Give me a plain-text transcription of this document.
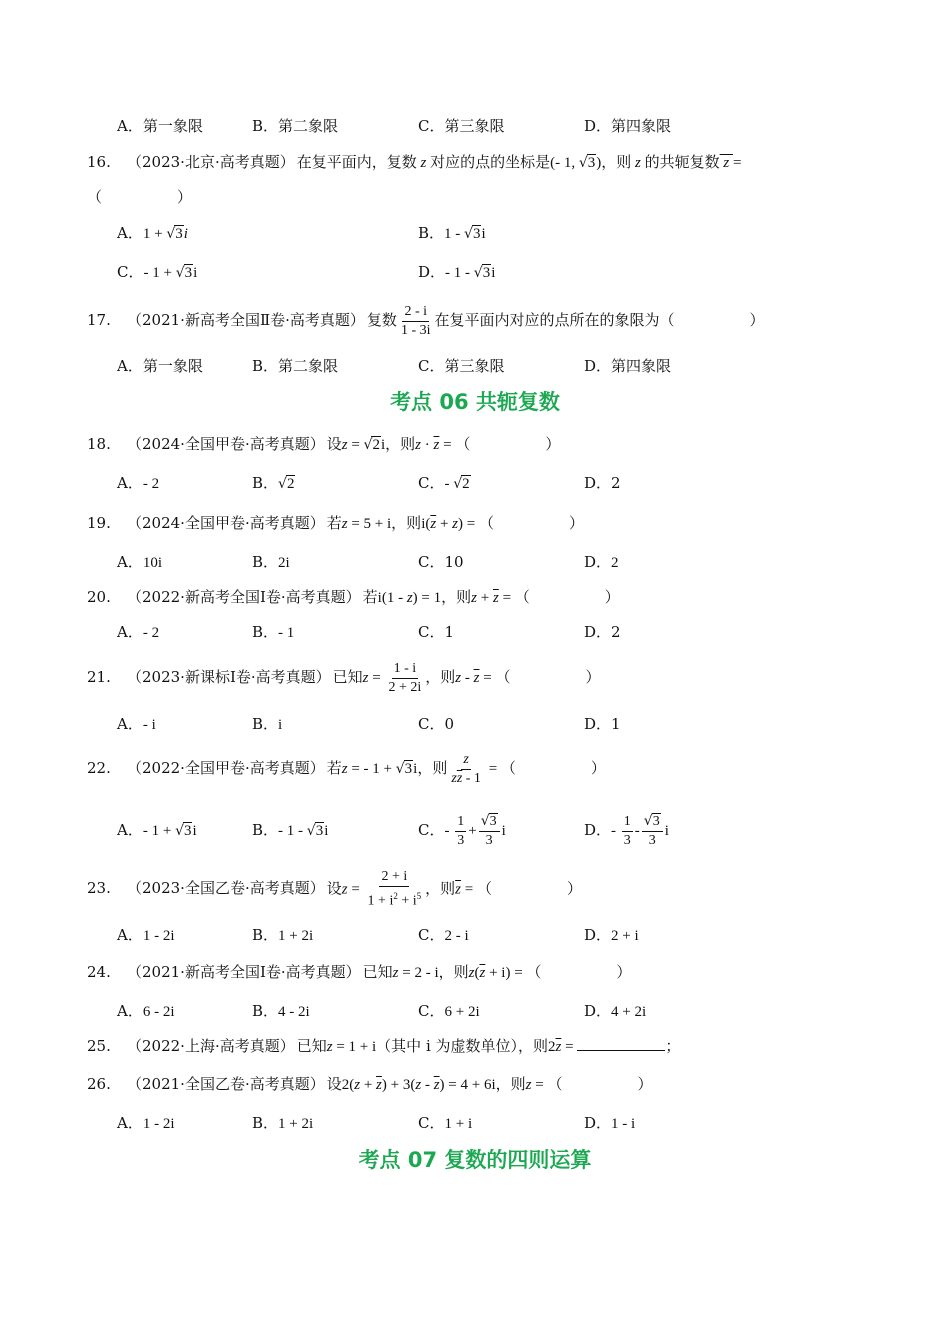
A．第一象限	B．第二象限	C．第三象限	D．第四象限
16. （2023·北京·高考真题） 在复平面内，复数 z 对应的点的坐标是(- 1, √3)，则 z 的共轭复数 z =
（　　　　　）
A．1 + √3i	B．1 - √3i
C．- 1 + √3i	D．- 1 - √3i
17. （2021·新高考全国Ⅱ卷·高考真题） 复数 $\frac{2 - i}{1 - 3i}$ 在复平面内对应的点所在的象限为（　　　　　）
A．第一象限	B．第二象限	C．第三象限	D．第四象限
考点 06 共轭复数
18. （2024·全国甲卷·高考真题） 设z = √2i，则$z \cdot \overline{z}$ = （　　　　　）
A．- 2	B．√2	C．- √2	D．2
19. （2024·全国甲卷·高考真题） 若z = 5 + i，则$i(\overline{z} + z)$ = （　　　　　）
A．10i	B．2i	C．10	D．2
20. （2022·新高考全国Ⅰ卷·高考真题） 若i(1 - z) = 1，则$z + \overline{z}$ = （　　　　　）
A．- 2	B．- 1	C．1	D．2
21. （2023·新课标Ⅰ卷·高考真题） 已知$z = \frac{1 - i}{2 + 2i}$ ，则z - $\overline{z}$ = （　　　　　）
A．- i	B．i	C．0	D．1
22. （2022·全国甲卷·高考真题） 若z = - 1 + √3i，则 $\frac{z}{z\overline{z} - 1}$ = （　　　　　）
A．- 1 + √3i	B．- 1 - √3i	C．- $\frac{1}{3} + \frac{√3}{3}$ i	D．- $\frac{1}{3} - \frac{√3}{3}$ i
23. （2023·全国乙卷·高考真题） 设$z = \frac{2 + i}{1 + i^2 + i^5}$ ，则$\overline{z}$ = （　　　　　）
A．1 - 2i	B．1 + 2i	C．2 - i	D．2 + i
24. （2021·新高考全国Ⅰ卷·高考真题） 已知z = 2 - i，则$z(\overline{z} + i)$ = （　　　　　）
A．6 - 2i	B．4 - 2i	C．6 + 2i	D．4 + 2i
25. （2022·上海·高考真题） 已知z = 1 + i（其中 i 为虚数单位），则$2\overline{z}$ =	；
26. （2021·全国乙卷·高考真题） 设$2(z + \overline{z}) + 3(z - \overline{z}) = 4 + 6i$，则z = （　　　　　）
A．1 - 2i	B．1 + 2i	C．1 + i	D．1 - i
考点 07 复数的四则运算
